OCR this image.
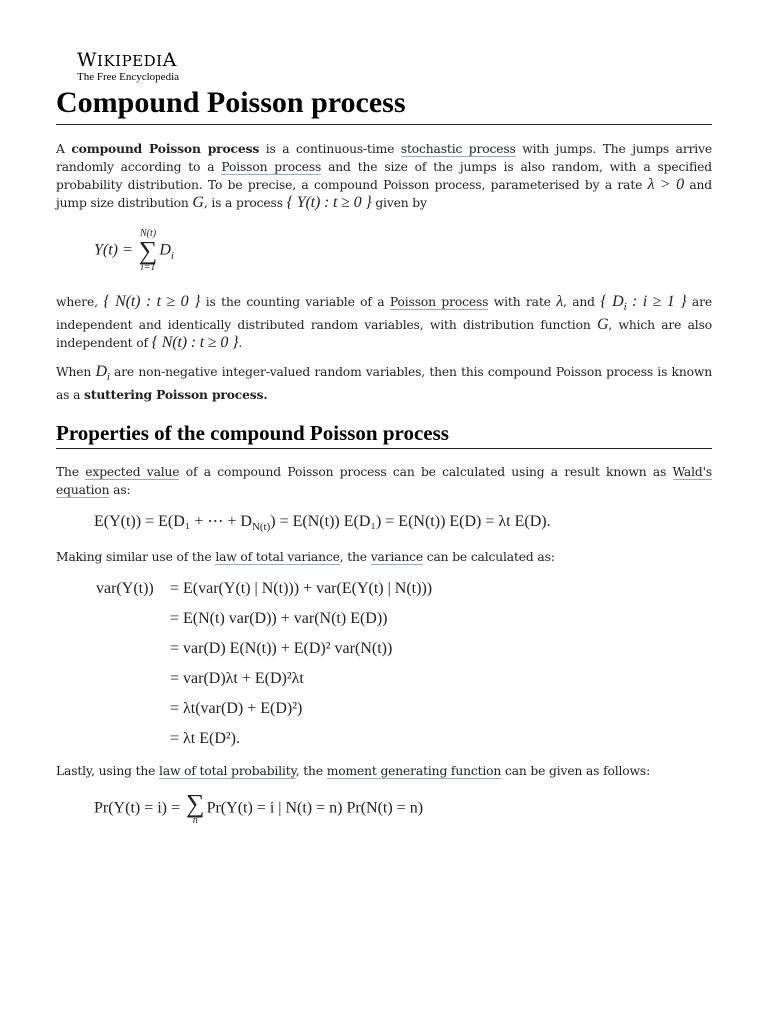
WIKIPEDIA
The Free Encyclopedia
Compound Poisson process

A compound Poisson process is a continuous-time stochastic process with jumps. The jumps arrive randomly according to a Poisson process and the size of the jumps is also random, with a specified probability distribution. To be precise, a compound Poisson process, parameterised by a rate λ > 0 and jump size distribution G, is a process { Y(t) : t ≥ 0 } given by

Y(t) =
N(t)
∑
i=1
$D_i$

where, { N(t) : t ≥ 0 } is the counting variable of a Poisson process with rate λ, and { $D_i$ : i ≥ 1 } are independent and identically distributed random variables, with distribution function G, which are also independent of { N(t) : t ≥ 0 }.

When $D_i$ are non-negative integer-valued random variables, then this compound Poisson process is known as a stuttering Poisson process.

Properties of the compound Poisson process

The expected value of a compound Poisson process can be calculated using a result known as Wald's equation as:

E(Y(t)) = E(D₁ + ⋯ + $D_{N(t)}) = E(N(t))$ E(D₁) = E(N(t)) E(D) = λt E(D).

Making similar use of the law of total variance, the variance can be calculated as:

var(Y(t)) = E(var(Y(t) | N(t))) + var(E(Y(t) | N(t)))
= E(N(t) var(D)) + var(N(t) E(D))
= var(D) E(N(t)) + E(D)² var(N(t))
= var(D)λt + E(D)²λt
= λt(var(D) + E(D)²)
= λt E(D²).

Lastly, using the law of total probability, the moment generating function can be given as follows:

Pr(Y(t) = i) = ∑
n
Pr(Y(t) = i | N(t) = n) Pr(N(t) = n)
